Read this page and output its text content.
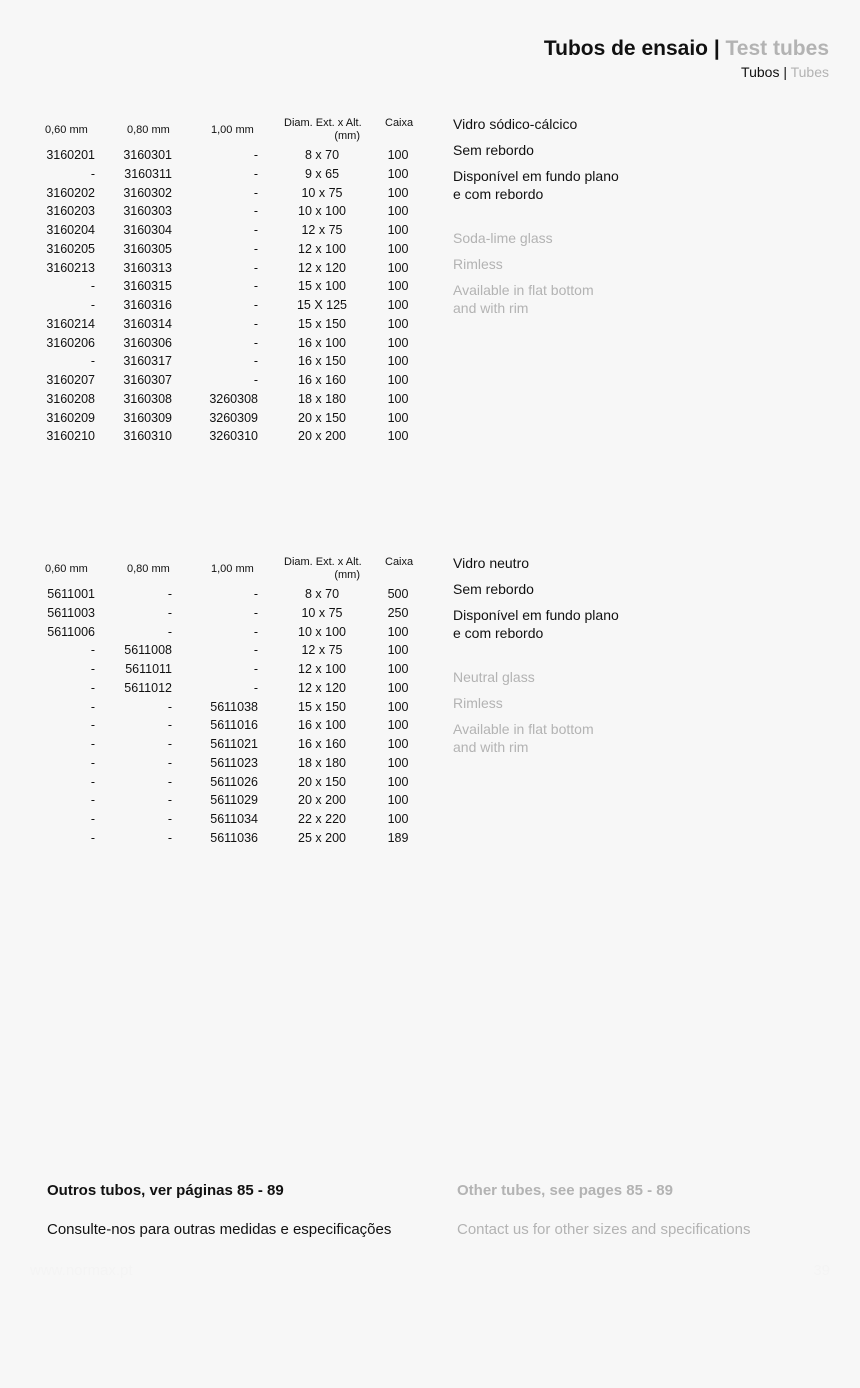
Tubos de ensaio | Test tubes
Tubos | Tubes
0,60 mm	0,80 mm	1,00 mm
Diam. Ext. x Alt.
(mm)
Caixa
3160201 3160301	-	8 x 70	100
-	3160311	-	9 x 65	100
3160202 3160302	-	10 x 75	100
3160203 3160303	-	10 x 100	100
3160204 3160304	-	12 x 75	100
3160205 3160305	-	12 x 100	100
3160213 3160313	-	12 x 120	100
- 3160315	-	15 x 100	100
- 3160316	-	15 X 125	100
3160214 3160314	-	15 x 150	100
3160206 3160306	-	16 x 100	100
- 3160317	-	16 x 150	100
3160207 3160307	-	16 x 160	100
3160208 3160308	3260308	18 x 180	100
3160209 3160309	3260309	20 x 150	100
3160210 3160310	3260310	20 x 200	100
Vidro sódico-cálcico
Sem rebordo
Disponível em fundo plano
e com rebordo
Soda-lime glass
Rimless
Available in flat bottom
and with rim
0,60 mm	0,80 mm	1,00 mm
Diam. Ext. x Alt.
(mm)
Caixa
5611001	-	-	8 x 70	500
5611003	-	-	10 x 75	250
5611006	-	-	10 x 100	100
-	5611008	-	12 x 75	100
-	5611011	-	12 x 100	100
-	5611012	-	12 x 120	100
-	-	5611038	15 x 150	100
-	-	5611016	16 x 100	100
-	-	5611021	16 x 160	100
-	-	5611023	18 x 180	100
-	-	5611026	20 x 150	100
-	-	5611029	20 x 200	100
-	-	5611034	22 x 220	100
-	-	5611036	25 x 200	189
Vidro neutro
Sem rebordo
Disponível em fundo plano
e com rebordo
Neutral glass
Rimless
Available in flat bottom
and with rim
Outros tubos, ver páginas 85 - 89
Consulte-nos para outras medidas e especificações
Other tubes, see pages 85 - 89
Contact us for other sizes and specifications
www.normax.pt	39
